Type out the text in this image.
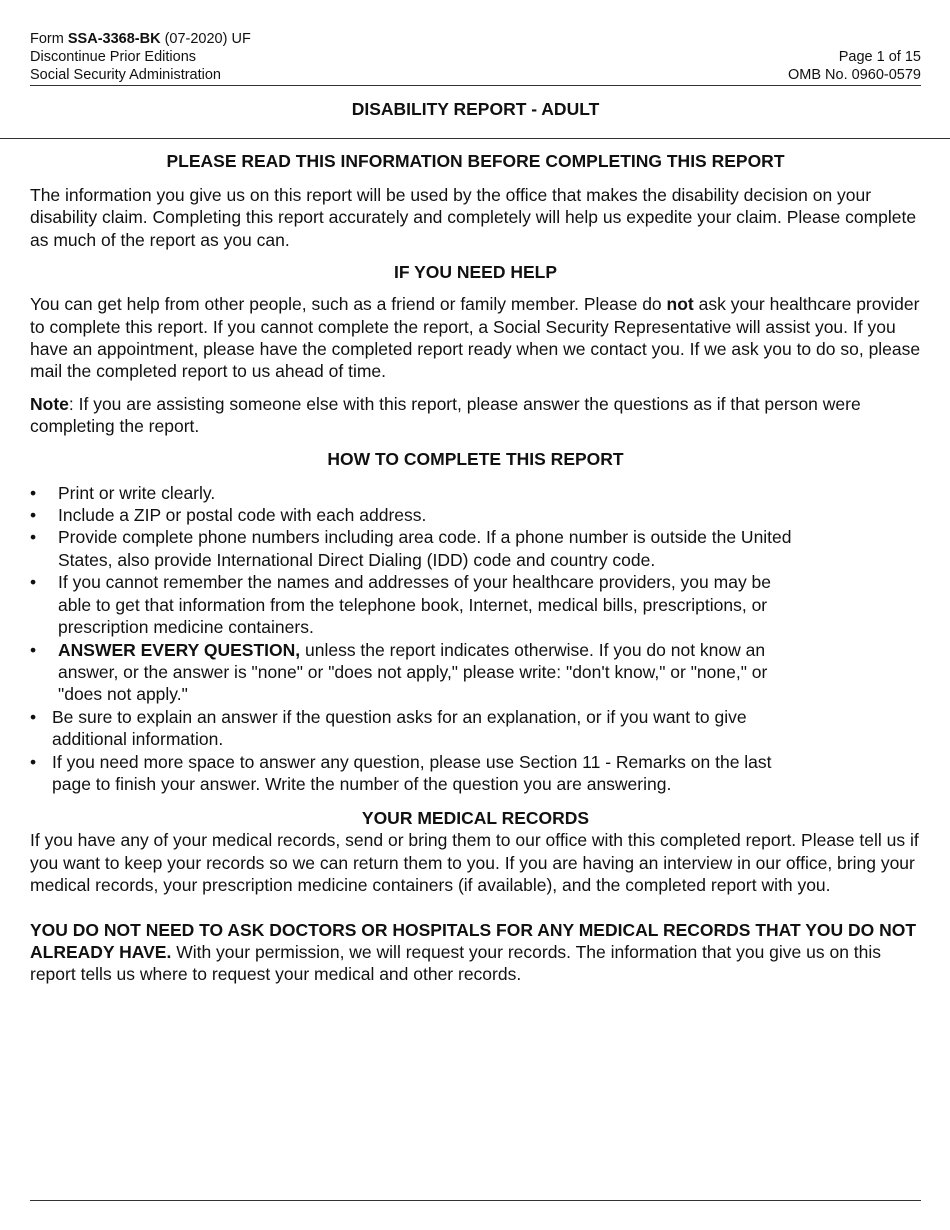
Form SSA-3368-BK (07-2020) UF
Discontinue Prior Editions
Social Security Administration
Page 1 of 15
OMB No. 0960-0579
DISABILITY REPORT - ADULT
PLEASE READ THIS INFORMATION BEFORE COMPLETING THIS REPORT

The information you give us on this report will be used by the office that makes the disability decision on your disability claim. Completing this report accurately and completely will help us expedite your claim. Please complete as much of the report as you can.

IF YOU NEED HELP

You can get help from other people, such as a friend or family member. Please do not ask your healthcare provider to complete this report. If you cannot complete the report, a Social Security Representative will assist you. If you have an appointment, please have the completed report ready when we contact you. If we ask you to do so, please mail the completed report to us ahead of time.

Note: If you are assisting someone else with this report, please answer the questions as if that person were completing the report.

HOW TO COMPLETE THIS REPORT
•	Print or write clearly.
•	Include a ZIP or postal code with each address.
•	Provide complete phone numbers including area code. If a phone number is outside the United States, also provide International Direct Dialing (IDD) code and country code.
•	If you cannot remember the names and addresses of your healthcare providers, you may be able to get that information from the telephone book, Internet, medical bills, prescriptions, or prescription medicine containers.
•	ANSWER EVERY QUESTION, unless the report indicates otherwise. If you do not know an answer, or the answer is "none" or "does not apply," please write: "don't know," or "none," or "does not apply."
• Be sure to explain an answer if the question asks for an explanation, or if you want to give additional information.
• If you need more space to answer any question, please use Section 11 - Remarks on the last page to finish your answer. Write the number of the question you are answering.
YOUR MEDICAL RECORDS

If you have any of your medical records, send or bring them to our office with this completed report. Please tell us if you want to keep your records so we can return them to you. If you are having an interview in our office, bring your medical records, your prescription medicine containers (if available), and the completed report with you.

YOU DO NOT NEED TO ASK DOCTORS OR HOSPITALS FOR ANY MEDICAL RECORDS THAT YOU DO NOT ALREADY HAVE. With your permission, we will request your records. The information that you give us on this report tells us where to request your medical and other records.
